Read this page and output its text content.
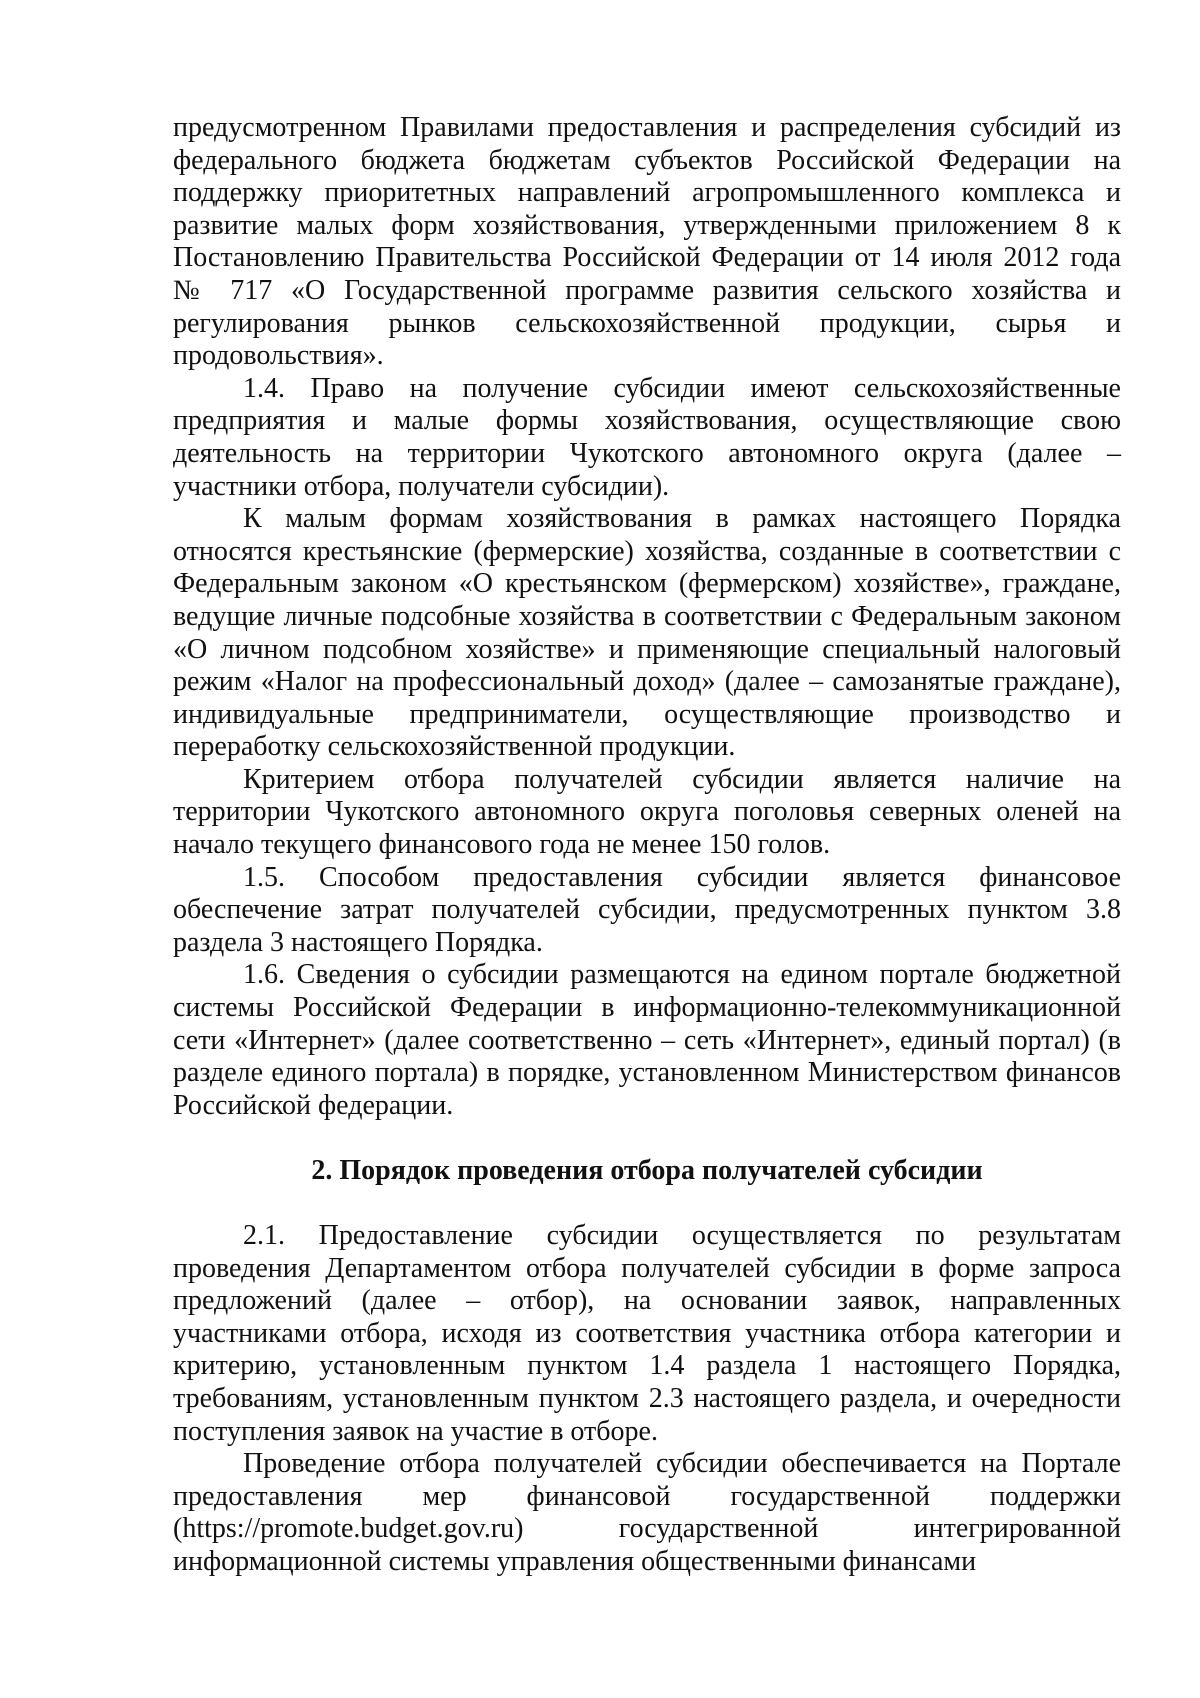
предусмотренном Правилами предоставления и распределения субсидий из федерального бюджета бюджетам субъектов Российской Федерации на поддержку приоритетных направлений агропромышленного комплекса и развитие малых форм хозяйствования, утвержденными приложением 8 к Постановлению Правительства Российской Федерации от 14 июля 2012 года № 717 «О Государственной программе развития сельского хозяйства и регулирования рынков сельскохозяйственной продукции, сырья и продовольствия».

1.4. Право на получение субсидии имеют сельскохозяйственные предприятия и малые формы хозяйствования, осуществляющие свою деятельность на территории Чукотского автономного округа (далее – участники отбора, получатели субсидии).

К малым формам хозяйствования в рамках настоящего Порядка относятся крестьянские (фермерские) хозяйства, созданные в соответствии с Федеральным законом «О крестьянском (фермерском) хозяйстве», граждане, ведущие личные подсобные хозяйства в соответствии с Федеральным законом «О личном подсобном хозяйстве» и применяющие специальный налоговый режим «Налог на профессиональный доход» (далее – самозанятые граждане), индивидуальные предприниматели, осуществляющие производство и переработку сельскохозяйственной продукции.

Критерием отбора получателей субсидии является наличие на территории Чукотского автономного округа поголовья северных оленей на начало текущего финансового года не менее 150 голов.

1.5. Способом предоставления субсидии является финансовое обеспечение затрат получателей субсидии, предусмотренных пунктом 3.8 раздела 3 настоящего Порядка.

1.6. Сведения о субсидии размещаются на едином портале бюджетной системы Российской Федерации в информационно-телекоммуникационной сети «Интернет» (далее соответственно – сеть «Интернет», единый портал) (в разделе единого портала) в порядке, установленном Министерством финансов Российской федерации.

2. Порядок проведения отбора получателей субсидии

2.1. Предоставление субсидии осуществляется по результатам проведения Департаментом отбора получателей субсидии в форме запроса предложений (далее – отбор), на основании заявок, направленных участниками отбора, исходя из соответствия участника отбора категории и критерию, установленным пунктом 1.4 раздела 1 настоящего Порядка, требованиям, установленным пунктом 2.3 настоящего раздела, и очередности поступления заявок на участие в отборе.

Проведение отбора получателей субсидии обеспечивается на Портале предоставления мер финансовой государственной поддержки (https://promote.budget.gov.ru) государственной интегрированной информационной системы управления общественными финансами
